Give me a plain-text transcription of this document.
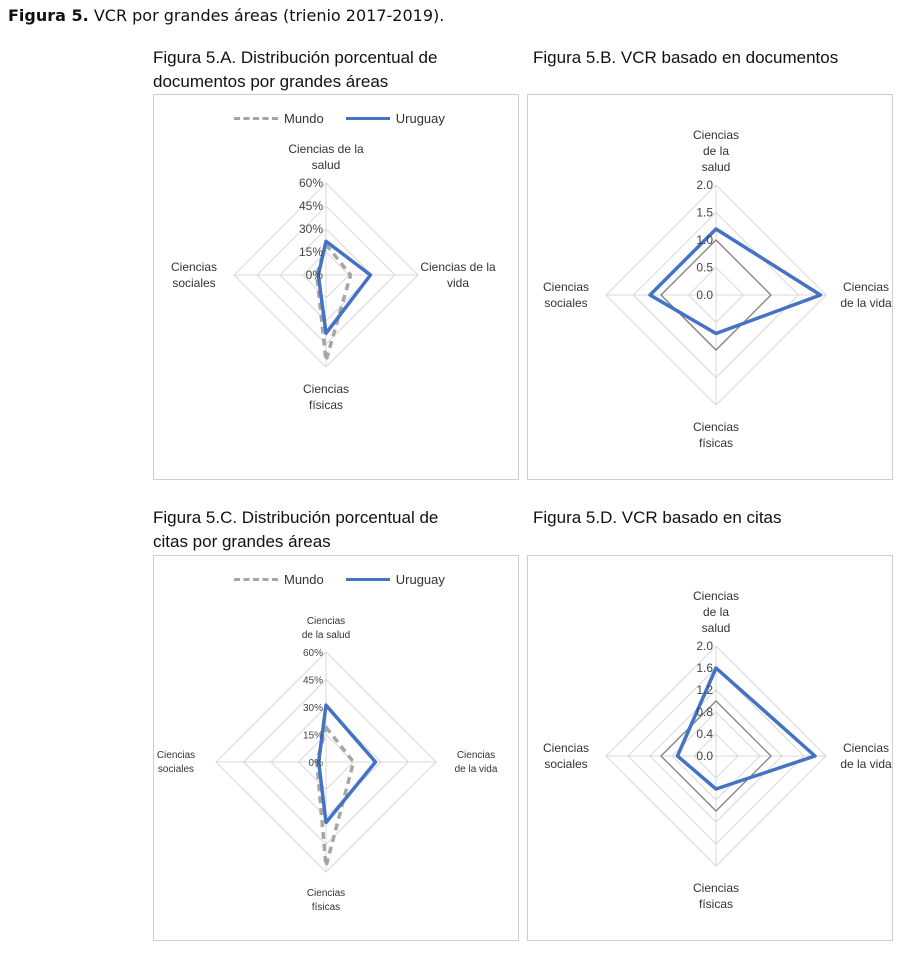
Figura 5. VCR por grandes áreas (trienio 2017-2019).
Figura 5.A. Distribución porcentual de
documentos por grandes áreas
Mundo	Uruguay
0%
15%
30%
45%
60%
Ciencias de la salud
Ciencias de la vida
Ciencias físicas
Ciencias sociales
Figura 5.B. VCR basado en documentos
0.0
0.5
1.0
1.5
2.0
Ciencias de la salud
Ciencias de la vida
Ciencias físicas
Ciencias sociales
Figura 5.C. Distribución porcentual de
citas por grandes áreas
Mundo	Uruguay
0%
15%
30%
45%
60%
Ciencias de la salud
Ciencias de la vida
Ciencias físicas
Ciencias sociales
Figura 5.D. VCR basado en citas
0.0
0.4
0.8
1.2
1.6
2.0
Ciencias de la salud
Ciencias de la vida
Ciencias físicas
Ciencias sociales
